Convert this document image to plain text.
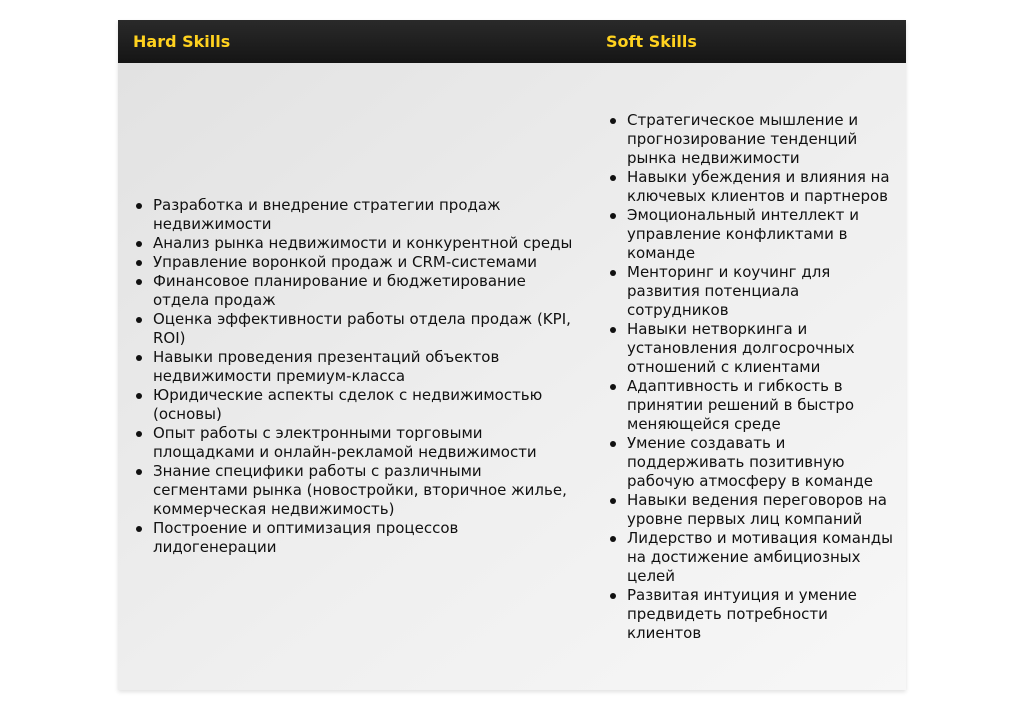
Hard Skills	Soft Skills
Разработка и внедрение стратегии продаж недвижимости
Анализ рынка недвижимости и конкурентной среды
Управление воронкой продаж и CRM-системами
Финансовое планирование и бюджетирование отдела продаж
Оценка эффективности работы отдела продаж (KPI, ROI)
Навыки проведения презентаций объектов недвижимости премиум-класса
Юридические аспекты сделок с недвижимостью (основы)
Опыт работы с электронными торговыми площадками и онлайн-рекламой недвижимости
Знание специфики работы с различными сегментами рынка (новостройки, вторичное жилье, коммерческая недвижимость)
Построение и оптимизация процессов лидогенерации
Стратегическое мышление и прогнозирование тенденций рынка недвижимости
Навыки убеждения и влияния на ключевых клиентов и партнеров
Эмоциональный интеллект и управление конфликтами в команде
Менторинг и коучинг для развития потенциала сотрудников
Навыки нетворкинга и установления долгосрочных отношений с клиентами
Адаптивность и гибкость в принятии решений в быстро меняющейся среде
Умение создавать и поддерживать позитивную рабочую атмосферу в команде
Навыки ведения переговоров на уровне первых лиц компаний
Лидерство и мотивация команды на достижение амбициозных целей
Развитая интуиция и умение предвидеть потребности клиентов
